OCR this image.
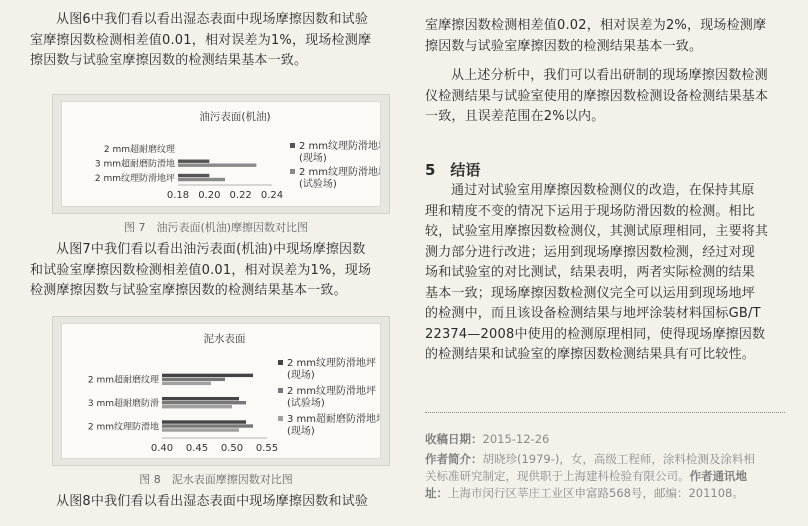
从图6中我们看以看出湿态表面中现场摩擦因数和试验
室摩擦因数检测相差值0.01，相对误差为1%，现场检测摩
擦因数与试验室摩擦因数的检测结果基本一致。
油污表面(机油)
0.18 0.20 0.22 0.24
2 mm超耐磨纹理
3 mm超耐磨防滑地
2 mm纹理防滑地坪
2 mm纹理防滑地坪(现场)
2 mm纹理防滑地坪(试验场)
图 7　油污表面(机油)摩擦因数对比图
从图7中我们看以看出油污表面(机油)中现场摩擦因数
和试验室摩擦因数检测相差值0.01，相对误差为1%，现场
检测摩擦因数与试验室摩擦因数的检测结果基本一致。
泥水表面
0.40 0.45 0.50 0.55
2 mm超耐磨纹理
3 mm超耐磨防滑
2 mm纹理防滑地
2 mm纹理防滑地坪(现场)
2 mm纹理防滑地坪(试验场)
3 mm超耐磨防滑地坪(现场)
图 8　泥水表面摩擦因数对比图
从图8中我们看以看出湿态表面中现场摩擦因数和试验
室摩擦因数检测相差值0.02，相对误差为2%，现场检测摩
擦因数与试验室摩擦因数的检测结果基本一致。
从上述分析中，我们可以看出研制的现场摩擦因数检测
仪检测结果与试验室使用的摩擦因数检测设备检测结果基本
一致，且误差范围在2%以内。
5　结语
通过对试验室用摩擦因数检测仪的改造，在保持其原
理和精度不变的情况下运用于现场防滑因数的检测。相比
较，试验室用摩擦因数检测仪，其测试原理相同，主要将其
测力部分进行改进；运用到现场摩擦因数检测，经过对现
场和试验室的对比测试，结果表明，两者实际检测的结果
基本一致；现场摩擦因数检测仪完全可以运用到现场地坪
的检测中，而且该设备检测结果与地坪涂装材料国标GB/T
22374—2008中使用的检测原理相同，使得现场摩擦因数
的检测结果和试验室的摩擦因数检测结果具有可比较性。

收稿日期：2015-12-26

作者简介：胡晓珍(1979-)，女，高级工程师，涂料检测及涂料相

关标准研究制定，现供职于上海建科检验有限公司。作者通讯地

址：上海市闵行区莘庄工业区申富路568号，邮编：201108。
